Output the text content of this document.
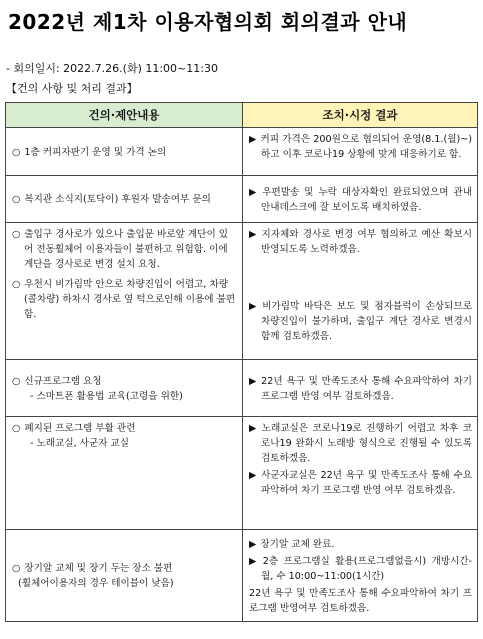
2022년 제1차 이용자협의회 회의결과 안내
- 회의일시: 2022.7.26.(화) 11:00~11:30
【건의 사항 및 처리 결과】
건의·제안내용	조치·시정 결과

○ 1층 커피자판기 운영 및 가격 논의	▶ 커피 가격은 200원으로 협의되어 운영(8.1.(월)~)하고 이후 코로나19 상황에 맞게 대응하기로 함.

○ 복지관 소식지(토닥이) 후원자 발송여부 문의	▶ 우편발송 및 누락 대상자확인 완료되었으며 관내 안내데스크에 잘 보이도록 배치하였음.

○ 출입구 경사로가 있으나 출입문 바로앞 계단이 있어 전동휠체어 이용자들이 불편하고 위험함. 이에 계단을 경사로로 변경 설치 요청.
○ 우천시 비가림막 안으로 차량진입이 어렵고, 차량(콜차량) 하차시 경사로 옆 턱으로인해 이용에 불편함.	▶ 지자체와 경사로 변경 여부 협의하고 예산 확보시 반영되도록 노력하겠음.
▶ 비가림막 바닥은 보도 및 점자블럭이 손상되므로 차량진입이 불가하며, 출입구 계단 경사로 변경시 함께 검토하겠음.

○ 신규프로그램 요청
- 스마트폰 활용법 교육(고령을 위한)	▶ 22년 욕구 및 만족도조사 통해 수요파악하여 차기 프로그램 반영 여부 검토하겠음.

○ 폐지된 프로그램 부활 관련
- 노래교실, 사군자 교실	▶ 노래교실은 코로나19로 진행하기 어렵고 차후 코로나19 완화시 노래방 형식으로 진행될 수 있도록 검토하겠음.
▶ 사군자교실은 22년 욕구 및 만족도조사 통해 수요파악하여 차기 프로그램 반영 여부 검토하겠음.

○ 장기알 교체 및 장기 두는 장소 불편
(휠체어이용자의 경우 테이블이 낮음)	▶ 장기알 교체 완료.
▶ 2층 프로그램실 활용(프로그램없을시) 개방시간- 월, 수 10:00~11:00(1시간)
22년 욕구 및 만족도조사 통해 수요파악하여 차기 프로그램 반영여부 검토하겠음.
